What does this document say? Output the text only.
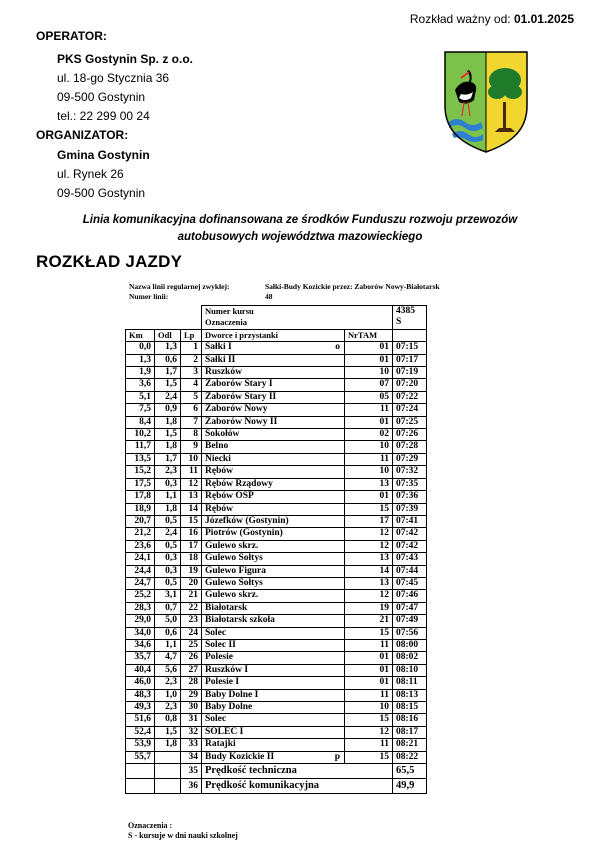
Rozkład ważny od: 01.01.2025
OPERATOR:
PKS Gostynin Sp. z o.o.
ul. 18-go Stycznia 36
09-500 Gostynin
tel.: 22 299 00 24
ORGANIZATOR:
Gmina Gostynin
ul. Rynek 26
09-500 Gostynin
Linia komunikacyjna dofinansowana ze środków Funduszu rozwoju przewozów
autobusowych województwa mazowieckiego
ROZKŁAD JAZDY
Nazwa linii regularnej zwykłej:	Sałki-Budy Kozickie przez: Zaborów Nowy-Białotarsk
Numer linii:	48
			Numer kursu		4385
			Oznaczenia		S
Km	Odl	Lp	Dworce i przystanki	NrTAM	
0,0	1,3	1	Sałki I o	01	07:15
1,3	0,6	2	Sałki II	01	07:17
1,9	1,7	3	Ruszków	10	07:19
3,6	1,5	4	Zaborów Stary I	07	07:20
5,1	2,4	5	Zaborów Stary II	05	07:22
7,5	0,9	6	Zaborów Nowy	11	07:24
8,4	1,8	7	Zaborów Nowy II	01	07:25
10,2	1,5	8	Sokołów	02	07:26
11,7	1,8	9	Belno	10	07:28
13,5	1,7	10	Niecki	11	07:29
15,2	2,3	11	Rębów	10	07:32
17,5	0,3	12	Rębów Rządowy	13	07:35
17,8	1,1	13	Rębów OSP	01	07:36
18,9	1,8	14	Rębów	15	07:39
20,7	0,5	15	Józefków (Gostynin)	17	07:41
21,2	2,4	16	Piotrów (Gostynin)	12	07:42
23,6	0,5	17	Gulewo skrz.	12	07:42
24,1	0,3	18	Gulewo Sołtys	13	07:43
24,4	0,3	19	Gulewo Figura	14	07:44
24,7	0,5	20	Gulewo Sołtys	13	07:45
25,2	3,1	21	Gulewo skrz.	12	07:46
28,3	0,7	22	Białotarsk	19	07:47
29,0	5,0	23	Białotarsk szkoła	21	07:49
34,0	0,6	24	Solec	15	07:56
34,6	1,1	25	Solec II	11	08:00
35,7	4,7	26	Polesie	01	08:02
40,4	5,6	27	Ruszków I	01	08:10
46,0	2,3	28	Polesie I	01	08:11
48,3	1,0	29	Baby Dolne I	11	08:13
49,3	2,3	30	Baby Dolne	10	08:15
51,6	0,8	31	Solec	15	08:16
52,4	1,5	32	SOLEC I	12	08:17
53,9	1,8	33	Ratajki	11	08:21
55,7		34	Budy Kozickie II p	15	08:22
		35	Prędkość techniczna		65,5
		36	Prędkość komunikacyjna		49,9
Oznaczenia :
S - kursuje w dni nauki szkolnej
